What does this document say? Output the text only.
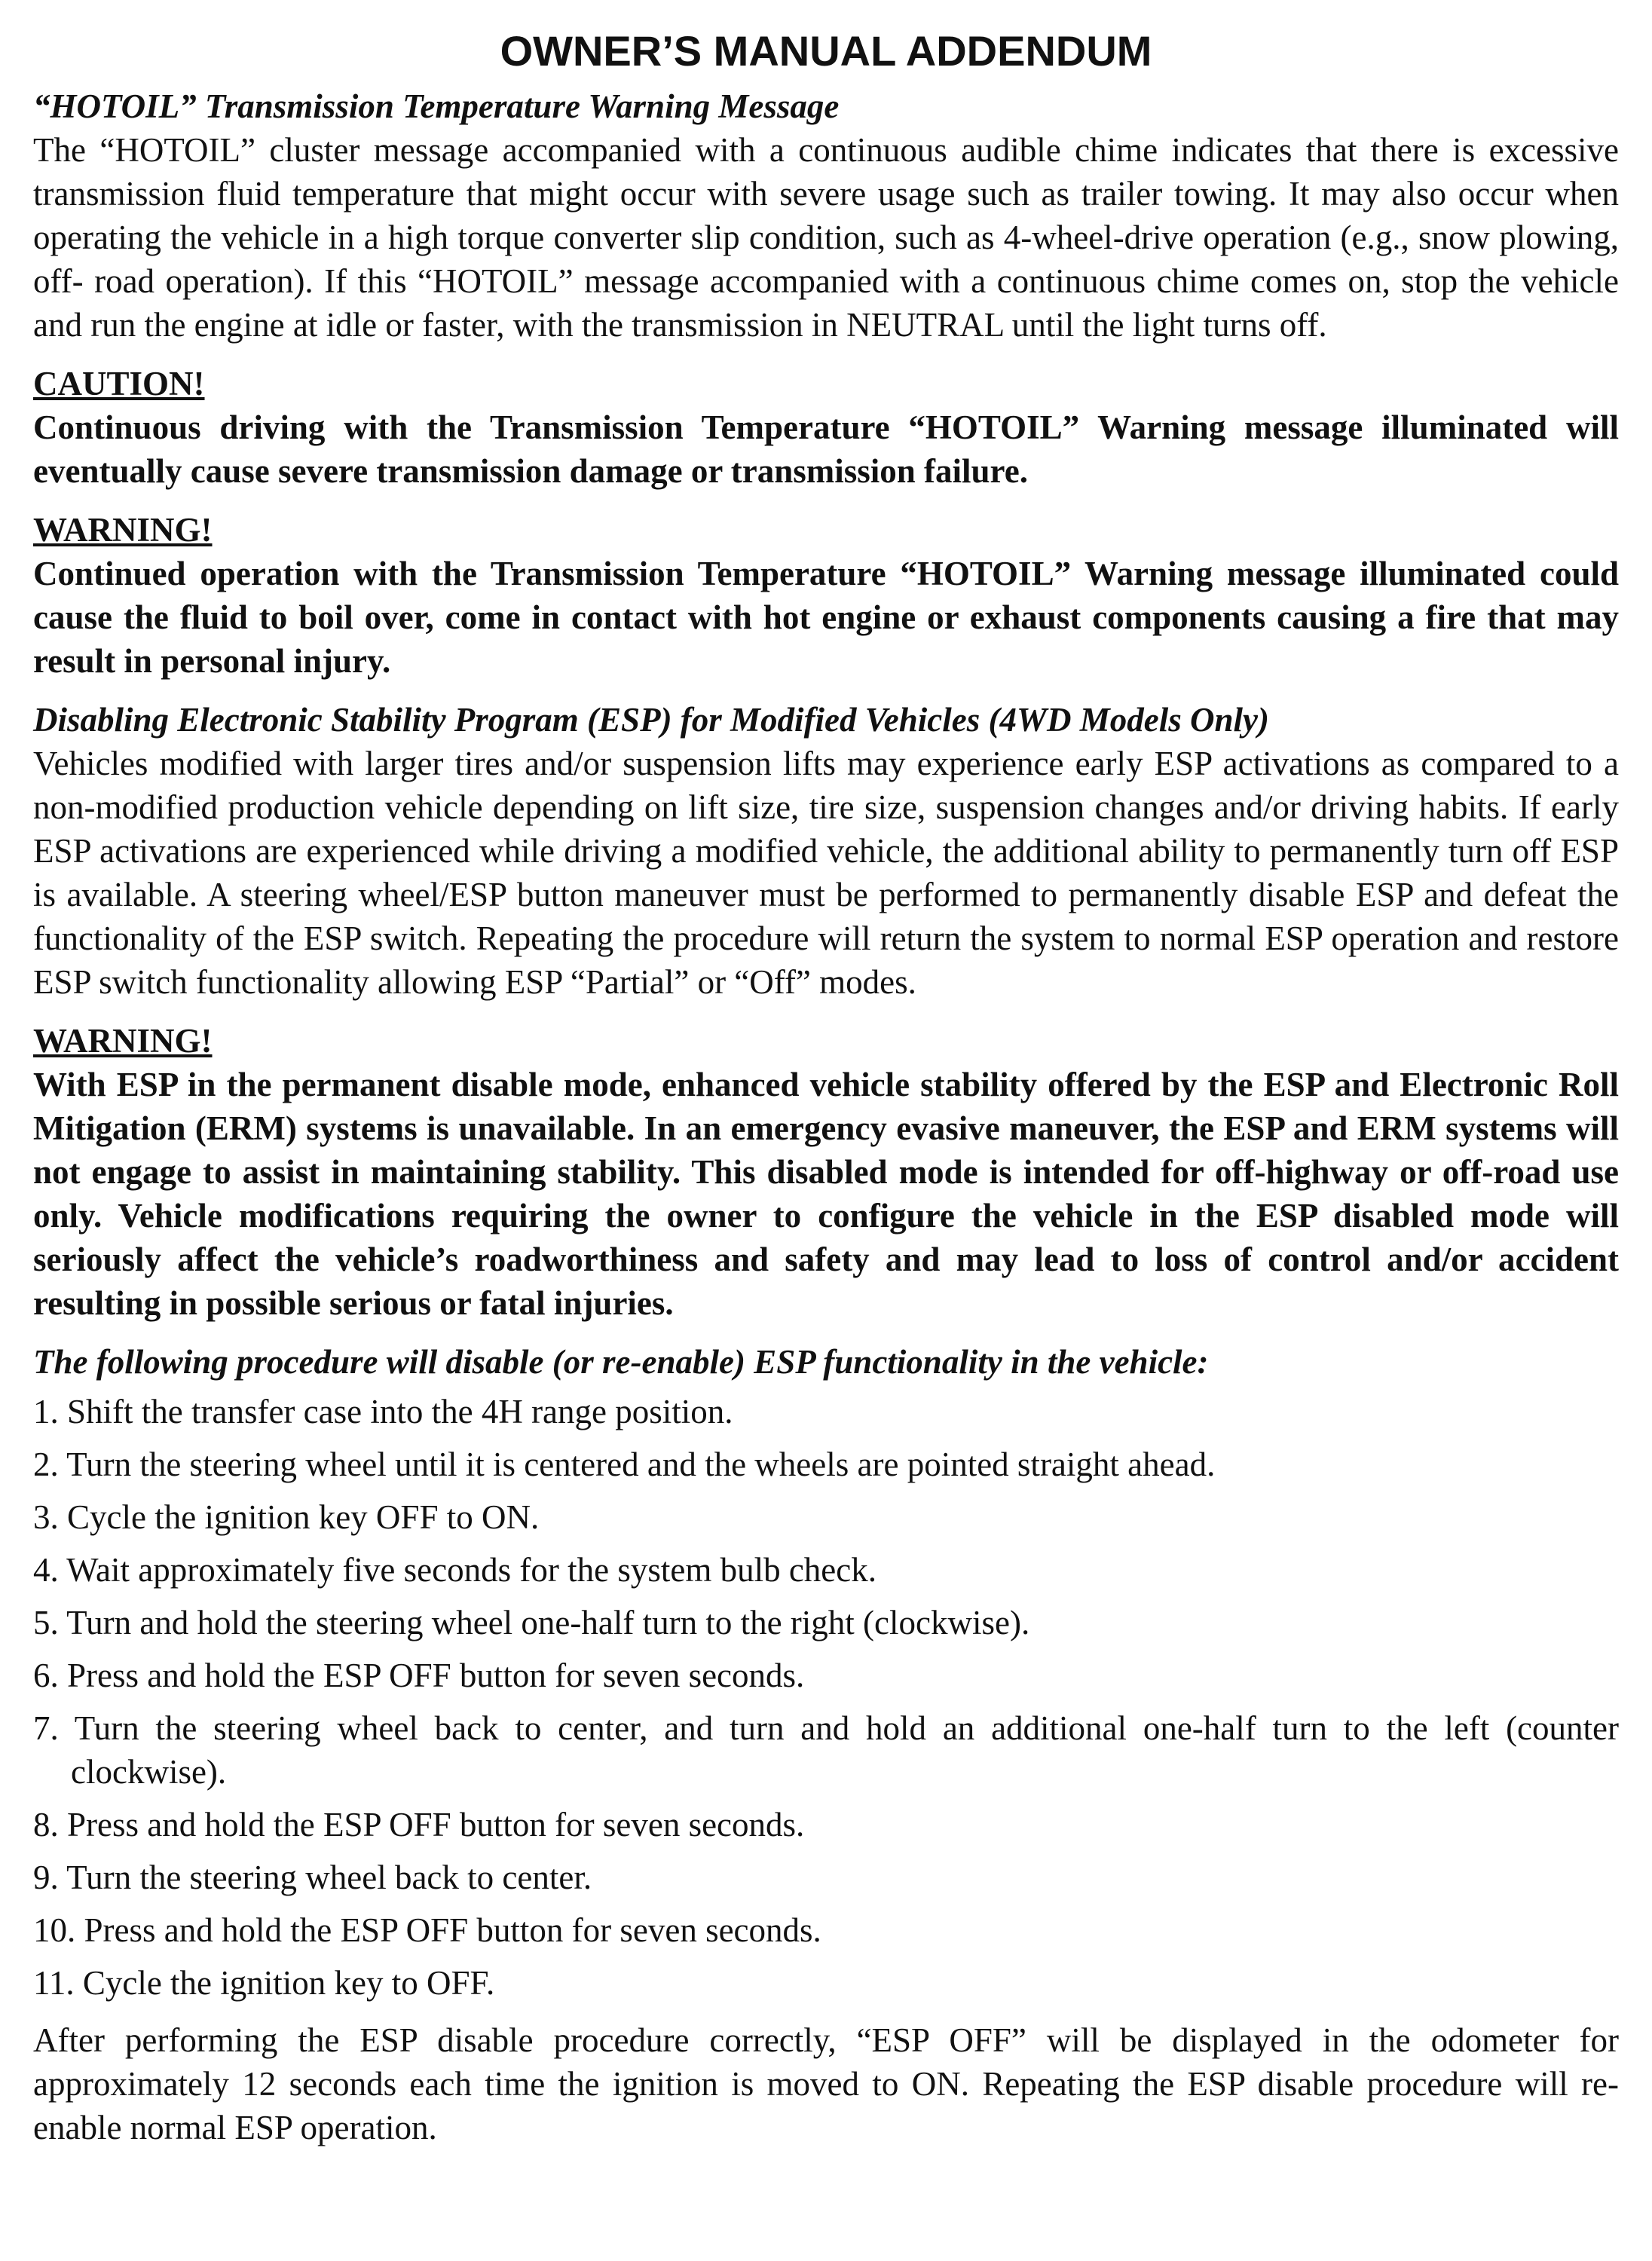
OWNER’S MANUAL ADDENDUM

“HOTOIL” Transmission Temperature Warning Message

The “HOTOIL” cluster message accompanied with a continuous audible chime indicates that there is excessive transmission fluid temperature that might occur with severe usage such as trailer towing. It may also occur when operating the vehicle in a high torque converter slip condition, such as 4-wheel-drive operation (e.g., snow plowing, off- road operation). If this “HOTOIL” message accompanied with a continuous chime comes on, stop the vehicle and run the engine at idle or faster, with the transmission in NEUTRAL until the light turns off.

CAUTION!

Continuous driving with the Transmission Temperature “HOTOIL” Warning message illuminated will eventually cause severe transmission damage or transmission failure.

WARNING!

Continued operation with the Transmission Temperature “HOTOIL” Warning message illuminated could cause the fluid to boil over, come in contact with hot engine or exhaust components causing a fire that may result in personal injury.

Disabling Electronic Stability Program (ESP) for Modified Vehicles (4WD Models Only)

Vehicles modified with larger tires and/or suspension lifts may experience early ESP activations as compared to a non-modified production vehicle depending on lift size, tire size, suspension changes and/or driving habits. If early ESP activations are experienced while driving a modified vehicle, the additional ability to permanently turn off ESP is available. A steering wheel/ESP button maneuver must be performed to permanently disable ESP and defeat the functionality of the ESP switch. Repeating the procedure will return the system to normal ESP operation and restore ESP switch functionality allowing ESP “Partial” or “Off” modes.

WARNING!

With ESP in the permanent disable mode, enhanced vehicle stability offered by the ESP and Electronic Roll Mitigation (ERM) systems is unavailable. In an emergency evasive maneuver, the ESP and ERM systems will not engage to assist in maintaining stability. This disabled mode is intended for off-highway or off-road use only. Vehicle modifications requiring the owner to configure the vehicle in the ESP disabled mode will seriously affect the vehicle’s roadworthiness and safety and may lead to loss of control and/or accident resulting in possible serious or fatal injuries.

The following procedure will disable (or re-enable) ESP functionality in the vehicle:

1. Shift the transfer case into the 4H range position.
2. Turn the steering wheel until it is centered and the wheels are pointed straight ahead.
3. Cycle the ignition key OFF to ON.
4. Wait approximately five seconds for the system bulb check.
5. Turn and hold the steering wheel one-half turn to the right (clockwise).
6. Press and hold the ESP OFF button for seven seconds.
7. Turn the steering wheel back to center, and turn and hold an additional one-half turn to the left (counter clockwise).
8. Press and hold the ESP OFF button for seven seconds.
9. Turn the steering wheel back to center.
10. Press and hold the ESP OFF button for seven seconds.
11. Cycle the ignition key to OFF.

After performing the ESP disable procedure correctly, “ESP OFF” will be displayed in the odometer for approximately 12 seconds each time the ignition is moved to ON. Repeating the ESP disable procedure will re-enable normal ESP operation.
